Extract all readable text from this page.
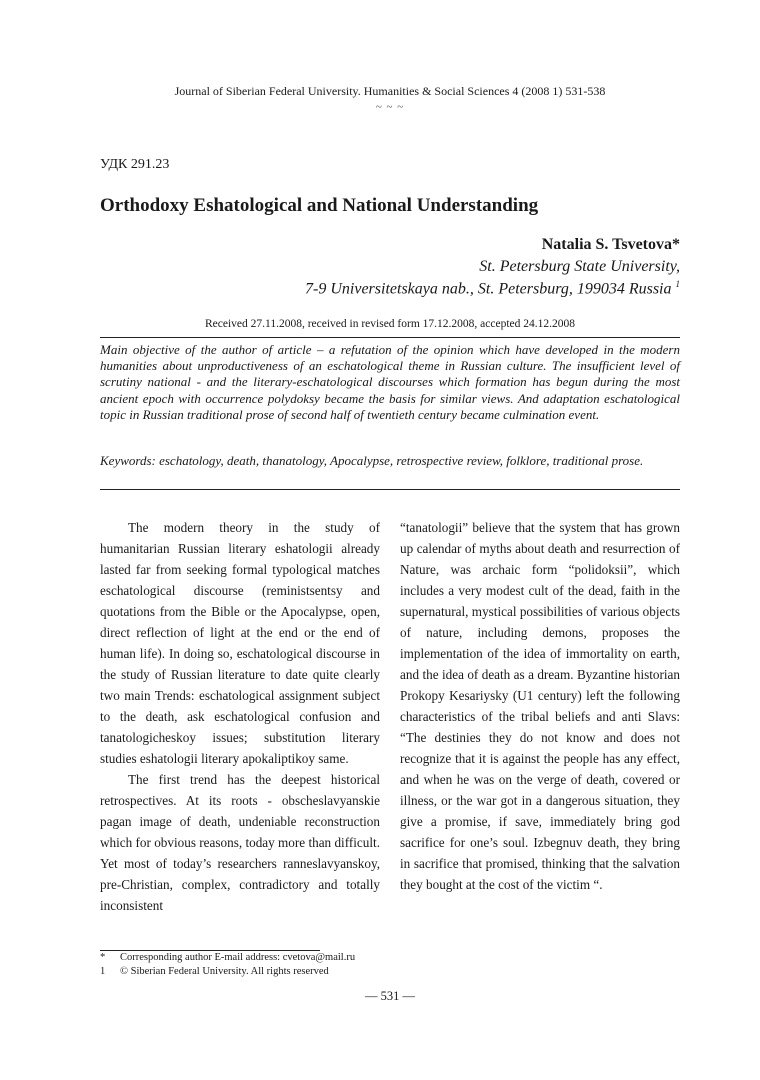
Journal of Siberian Federal University. Humanities & Social Sciences 4 (2008 1) 531-538
~ ~ ~
УДК 291.23
Orthodoxy Eshatological and National Understanding
Natalia S. Tsvetova*
St. Petersburg State University,
7-9 Universitetskaya nab., St. Petersburg, 199034 Russia $^1$
Received 27.11.2008, received in revised form 17.12.2008, accepted 24.12.2008

Main objective of the author of article – a refutation of the opinion which have developed in the modern humanities about unproductiveness of an eschatological theme in Russian culture. The insufficient level of scrutiny national - and the literary-eschatological discourses which formation has begun during the most ancient epoch with occurrence polydoksy became the basis for similar views. And adaptation eschatological topic in Russian traditional prose of second half of twentieth century became culmination event.

Keywords: eschatology, death, thanatology, Apocalypse, retrospective review, folklore, traditional prose.

The modern theory in the study of humanitarian Russian literary eshatologii already lasted far from seeking formal typological matches eschatological discourse (reministsentsy and quotations from the Bible or the Apocalypse, open, direct reflection of light at the end or the end of human life). In doing so, eschatological discourse in the study of Russian literature to date quite clearly two main Trends: eschatological assignment subject to the death, ask eschatological confusion and tanatologicheskoy issues; substitution literary studies eshatologii literary apokaliptikoy same.

The first trend has the deepest historical retrospectives. At its roots - obscheslavyanskie pagan image of death, undeniable reconstruction which for obvious reasons, today more than difficult. Yet most of today’s researchers ranneslavyanskoy, pre-Christian, complex, contradictory and totally inconsistent

“tanatologii” believe that the system that has grown up calendar of myths about death and resurrection of Nature, was archaic form “polidoksii”, which includes a very modest cult of the dead, faith in the supernatural, mystical possibilities of various objects of nature, including demons, proposes the implementation of the idea of immortality on earth, and the idea of death as a dream. Byzantine historian Prokopy Kesariysky (U1 century) left the following characteristics of the tribal beliefs and anti Slavs: “The destinies they do not know and does not recognize that it is against the people has any effect, and when he was on the verge of death, covered or illness, or the war got in a dangerous situation, they give a promise, if save, immediately bring god sacrifice for one’s soul. Izbegnuv death, they bring in sacrifice that promised, thinking that the salvation they bought at the cost of the victim “.

* Corresponding author E-mail address: cvetova@mail.ru
1 © Siberian Federal University. All rights reserved
— 531 —
